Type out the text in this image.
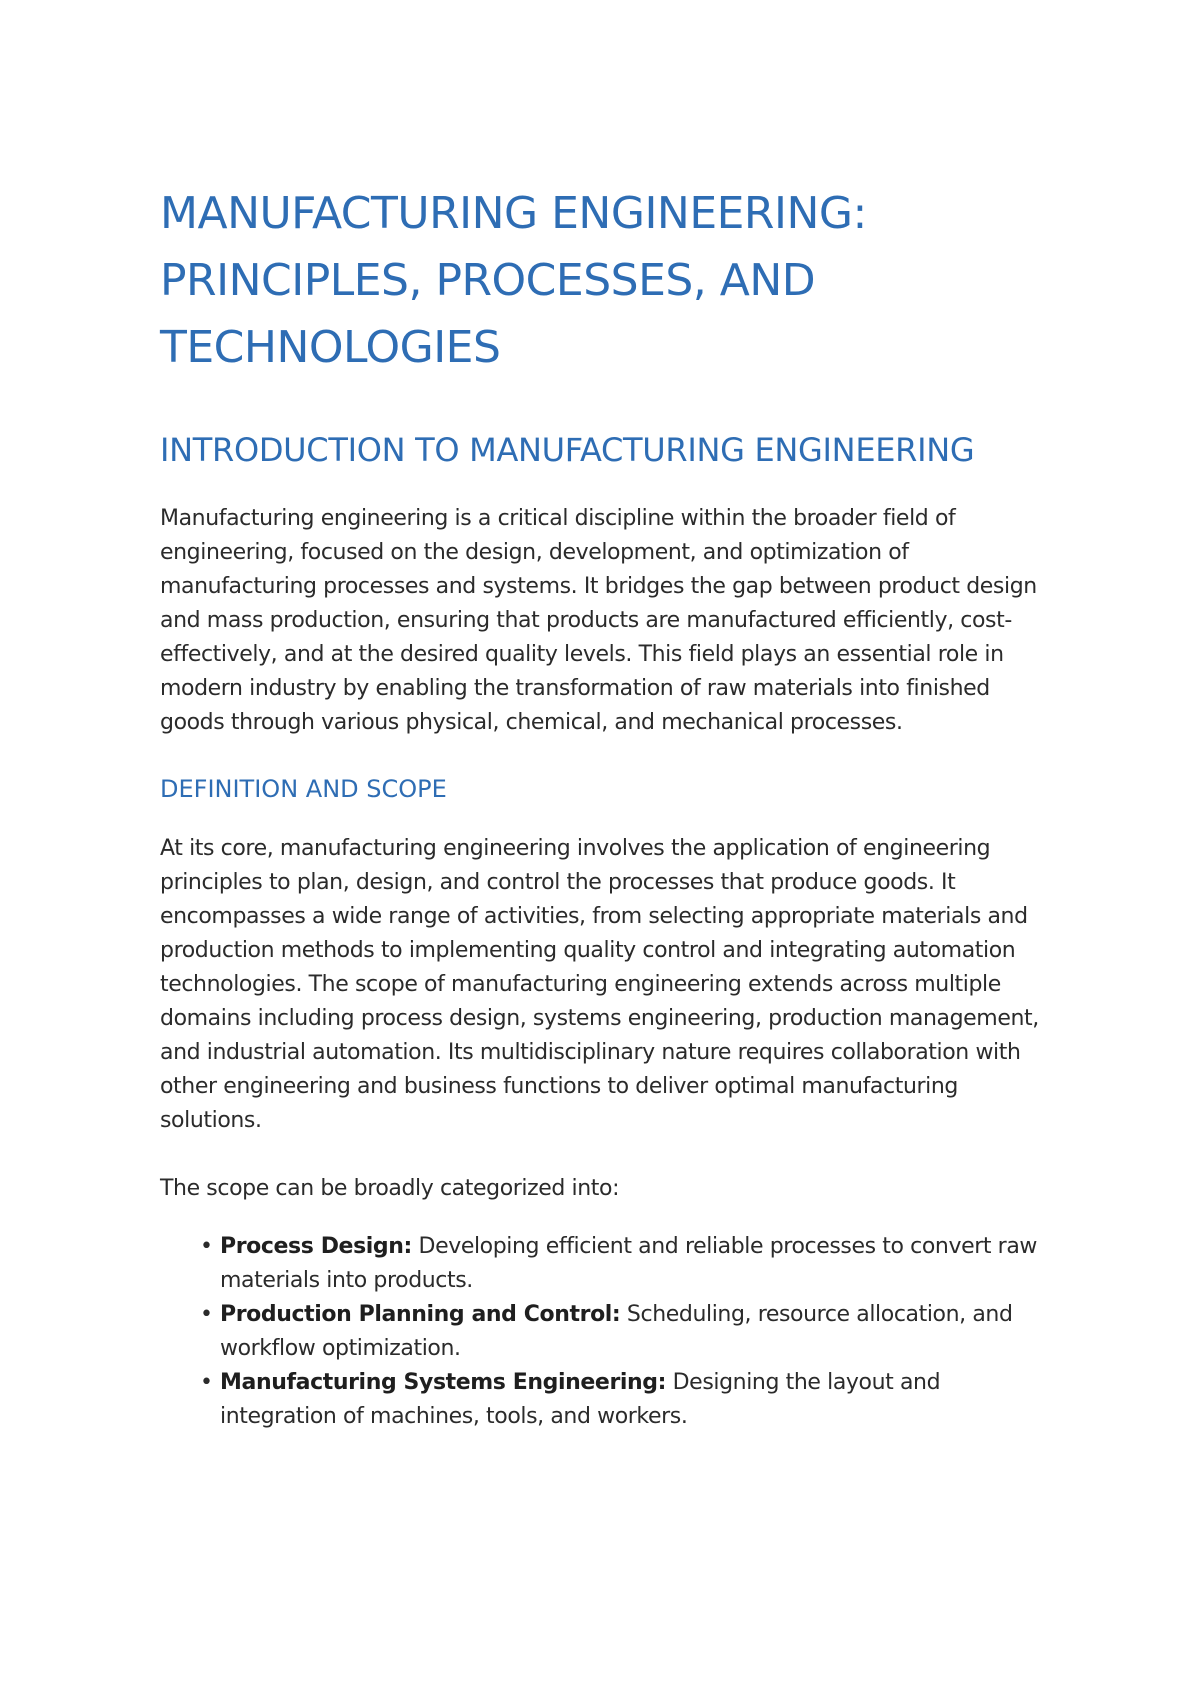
MANUFACTURING ENGINEERING: PRINCIPLES, PROCESSES, AND TECHNOLOGIES
INTRODUCTION TO MANUFACTURING ENGINEERING

Manufacturing engineering is a critical discipline within the broader field of engineering, focused on the design, development, and optimization of manufacturing processes and systems. It bridges the gap between product design and mass production, ensuring that products are manufactured efficiently, cost-effectively, and at the desired quality levels. This field plays an essential role in modern industry by enabling the transformation of raw materials into finished goods through various physical, chemical, and mechanical processes.

DEFINITION AND SCOPE

At its core, manufacturing engineering involves the application of engineering principles to plan, design, and control the processes that produce goods. It encompasses a wide range of activities, from selecting appropriate materials and production methods to implementing quality control and integrating automation technologies. The scope of manufacturing engineering extends across multiple domains including process design, systems engineering, production management, and industrial automation. Its multidisciplinary nature requires collaboration with other engineering and business functions to deliver optimal manufacturing solutions.

The scope can be broadly categorized into:

• Process Design: Developing efficient and reliable processes to convert raw materials into products.
• Production Planning and Control: Scheduling, resource allocation, and workflow optimization.
• Manufacturing Systems Engineering: Designing the layout and integration of machines, tools, and workers.
